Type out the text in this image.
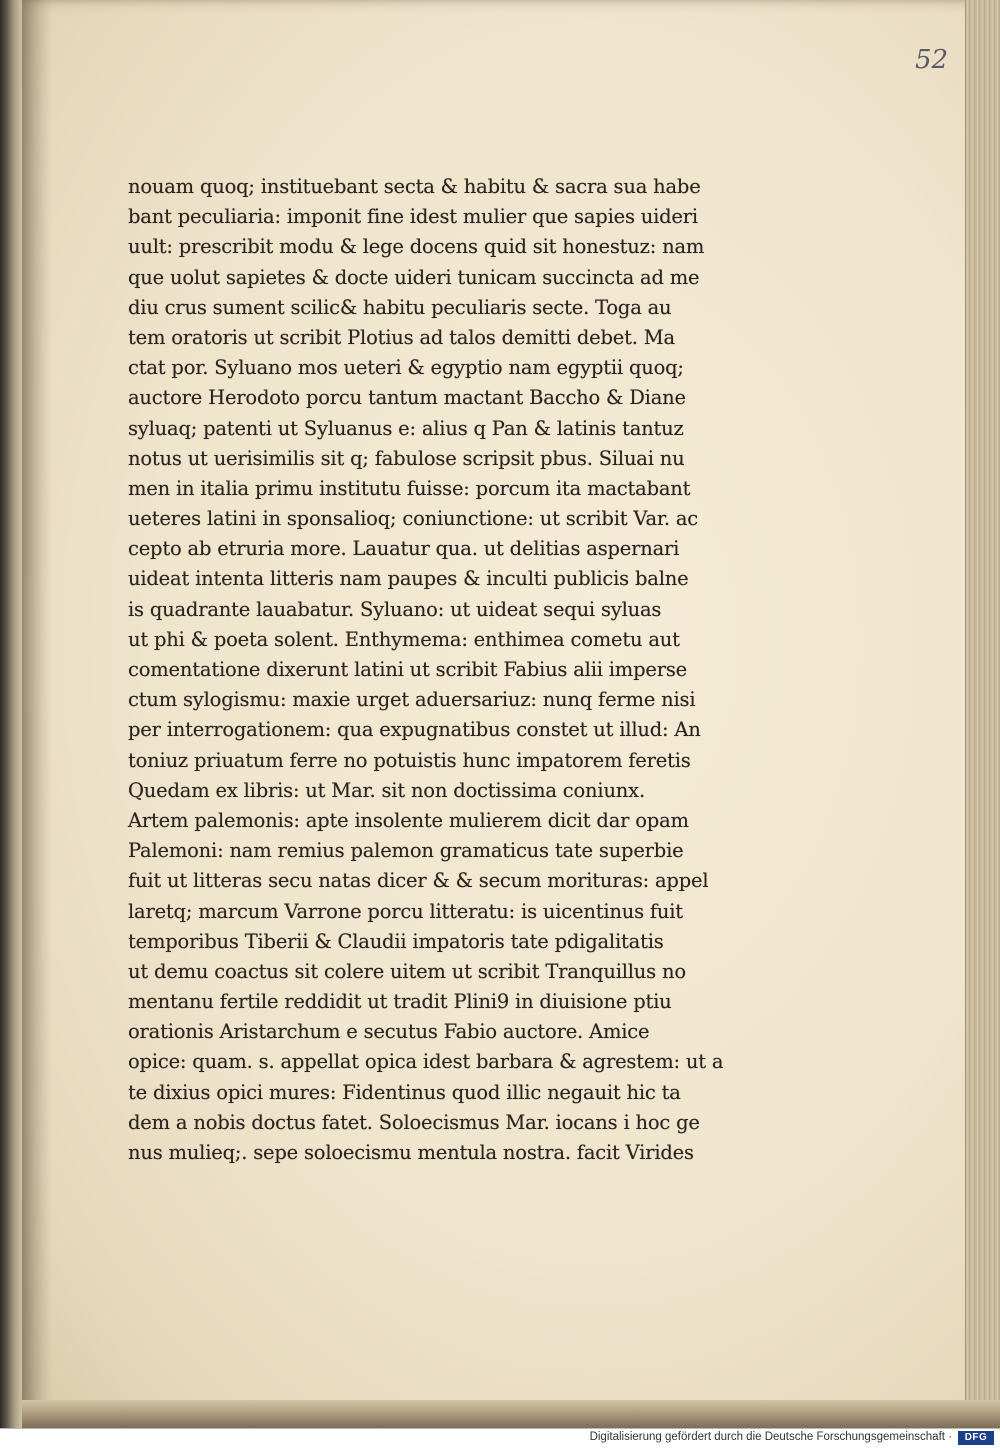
52
nouam quoq; instituebant secta & habitu & sacra sua habe
bant peculiaria: imponit fine idest mulier que sapies uideri
uult: prescribit modu & lege docens quid sit honestuz: nam
que uolut sapietes & docte uideri tunicam succincta ad me
diu crus sument scilic& habitu peculiaris secte. Toga au
tem oratoris ut scribit Plotius ad talos demitti debet. Ma
ctat por. Syluano mos ueteri & egyptio nam egyptii quoq;
auctore Herodoto porcu tantum mactant Baccho & Diane
syluaq; patenti ut Syluanus e: alius q Pan & latinis tantuz
notus ut uerisimilis sit q; fabulose scripsit pbus. Siluai nu
men in italia primu institutu fuisse: porcum ita mactabant
ueteres latini in sponsalioq; coniunctione: ut scribit Var. ac
cepto ab etruria more. Lauatur qua. ut delitias aspernari
uideat intenta litteris nam paupes & inculti publicis balne
is quadrante lauabatur. Syluano: ut uideat sequi syluas
ut phi & poeta solent. Enthymema: enthimea cometu aut
comentatione dixerunt latini ut scribit Fabius alii imperse
ctum sylogismu: maxie urget aduersariuz: nunq ferme nisi
per interrogationem: qua expugnatibus constet ut illud: An
toniuz priuatum ferre no potuistis hunc impatorem feretis
Quedam ex libris: ut Mar. sit non doctissima coniunx.
Artem palemonis: apte insolente mulierem dicit dar opam
Palemoni: nam remius palemon gramaticus tate superbie
fuit ut litteras secu natas dicer & & secum morituras: appel
laretq; marcum Varrone porcu litteratu: is uicentinus fuit
temporibus Tiberii & Claudii impatoris tate pdigalitatis
ut demu coactus sit colere uitem ut scribit Tranquillus no
mentanu fertile reddidit ut tradit Plini9 in diuisione ptiu
orationis Aristarchum e secutus Fabio auctore. Amice
opice: quam. s. appellat opica idest barbara & agrestem: ut a
te dixius opici mures: Fidentinus quod illic negauit hic ta
dem a nobis doctus fatet. Soloecismus Mar. iocans i hoc ge
nus mulieq;. sepe soloecismu mentula nostra. facit Virides
Digitalisierung gefördert durch die Deutsche Forschungsgemeinschaft ·	DFG
